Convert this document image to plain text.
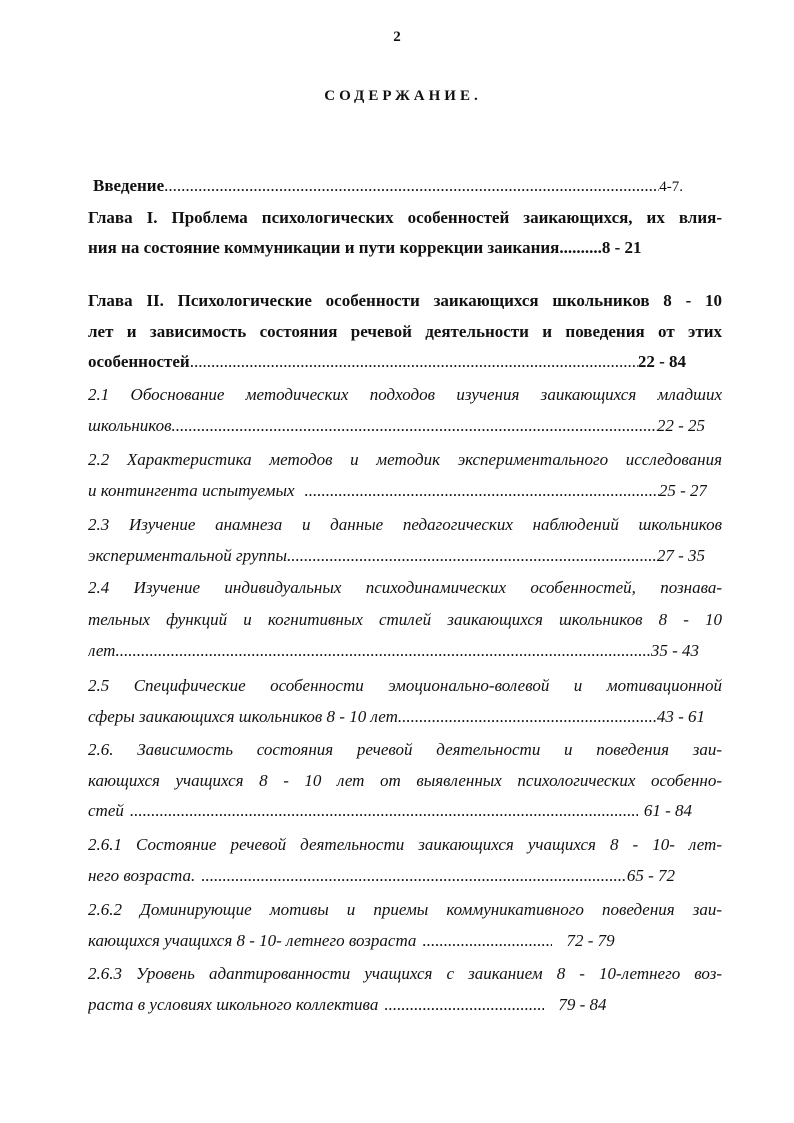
2
СОДЕРЖАНИЕ.
Введение .....	4-7.
Глава I. Проблема психологических особенностей заикающихся, их влия-
ния на состояние коммуникации и пути коррекции заикания ..........8 - 21
Глава II. Психологические особенности заикающихся школьников 8 - 10
лет и зависимость состояния речевой деятельности и поведения от этих
особенностей .....	22 - 84
2.1 Обоснование методических подходов изучения заикающихся младших
школьников .....	22 - 25
2.2 Характеристика методов и методик экспериментального исследования
и контингента испытуемых .....	25 - 27
2.3 Изучение анамнеза и данные педагогических наблюдений школьников
экспериментальной группы .....	27 - 35
2.4 Изучение индивидуальных психодинамических особенностей, познава-
тельных функций и когнитивных стилей заикающихся школьников 8 - 10
лет .....	35 - 43
2.5 Специфические особенности эмоционально-волевой и мотивационной
сферы заикающихся школьников 8 - 10 лет .....	43 - 61
2.6. Зависимость состояния речевой деятельности и поведения заи-
кающихся учащихся 8 - 10 лет от выявленных психологических особенно-
стей .....	61 - 84
2.6.1 Состояние речевой деятельности заикающихся учащихся 8 - 10- лет-
него возраста. .....	65 - 72
2.6.2 Доминирующие мотивы и приемы коммуникативного поведения заи-
кающихся учащихся 8 - 10- летнего возраста .....	72 - 79
2.6.3 Уровень адаптированности учащихся с заиканием 8 - 10-летнего воз-
раста в условиях школьного коллектива .....	79 - 84
